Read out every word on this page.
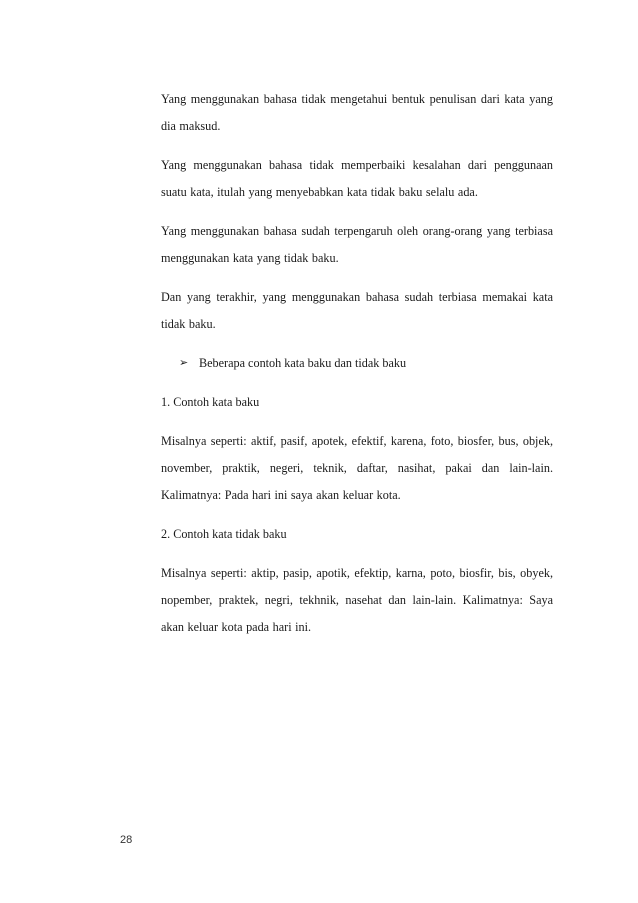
Yang menggunakan bahasa tidak mengetahui bentuk penulisan dari kata yang dia maksud.

Yang menggunakan bahasa tidak memperbaiki kesalahan dari penggunaan suatu kata, itulah yang menyebabkan kata tidak baku selalu ada.

Yang menggunakan bahasa sudah terpengaruh oleh orang-orang yang terbiasa menggunakan kata yang tidak baku.

Dan yang terakhir, yang menggunakan bahasa sudah terbiasa memakai kata tidak baku.

➢ Beberapa contoh kata baku dan tidak baku
1. Contoh kata baku

Misalnya seperti: aktif, pasif, apotek, efektif, karena, foto, biosfer, bus, objek, november, praktik, negeri, teknik, daftar, nasihat, pakai dan lain-lain. Kalimatnya: Pada hari ini saya akan keluar kota.

2. Contoh kata tidak baku

Misalnya seperti: aktip, pasip, apotik, efektip, karna, poto, biosfir, bis, obyek, nopember, praktek, negri, tekhnik, nasehat dan lain-lain. Kalimatnya: Saya akan keluar kota pada hari ini.

28
